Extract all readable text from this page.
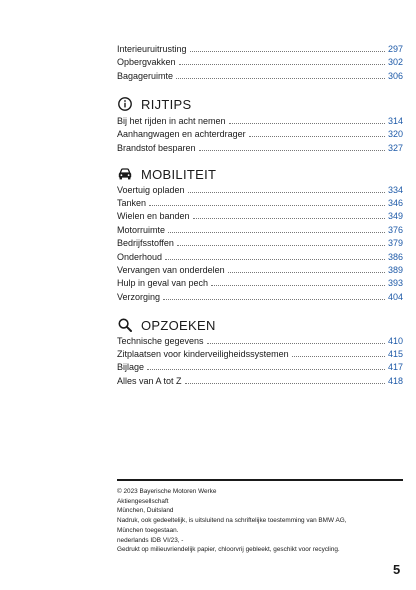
Interieuruitrusting	297
Opbergvakken	302
Bagageruimte	306
RIJTIPS
Bij het rijden in acht nemen	314
Aanhangwagen en achterdrager	320
Brandstof besparen	327
MOBILITEIT
Voertuig opladen	334
Tanken	346
Wielen en banden	349
Motorruimte	376
Bedrijfsstoffen	379
Onderhoud	386
Vervangen van onderdelen	389
Hulp in geval van pech	393
Verzorging	404
OPZOEKEN
Technische gegevens	410
Zitplaatsen voor kinderveiligheidssystemen	415
Bijlage	417
Alles van A tot Z	418
© 2023 Bayerische Motoren Werke
Aktiengesellschaft
München, Duitsland
Nadruk, ook gedeeltelijk, is uitsluitend na schriftelijke toestemming van BMW AG,
München toegestaan.
nederlands IDB VI/23, -
Gedrukt op milieuvriendelijk papier, chloorvrij gebleekt, geschikt voor recycling.
5
